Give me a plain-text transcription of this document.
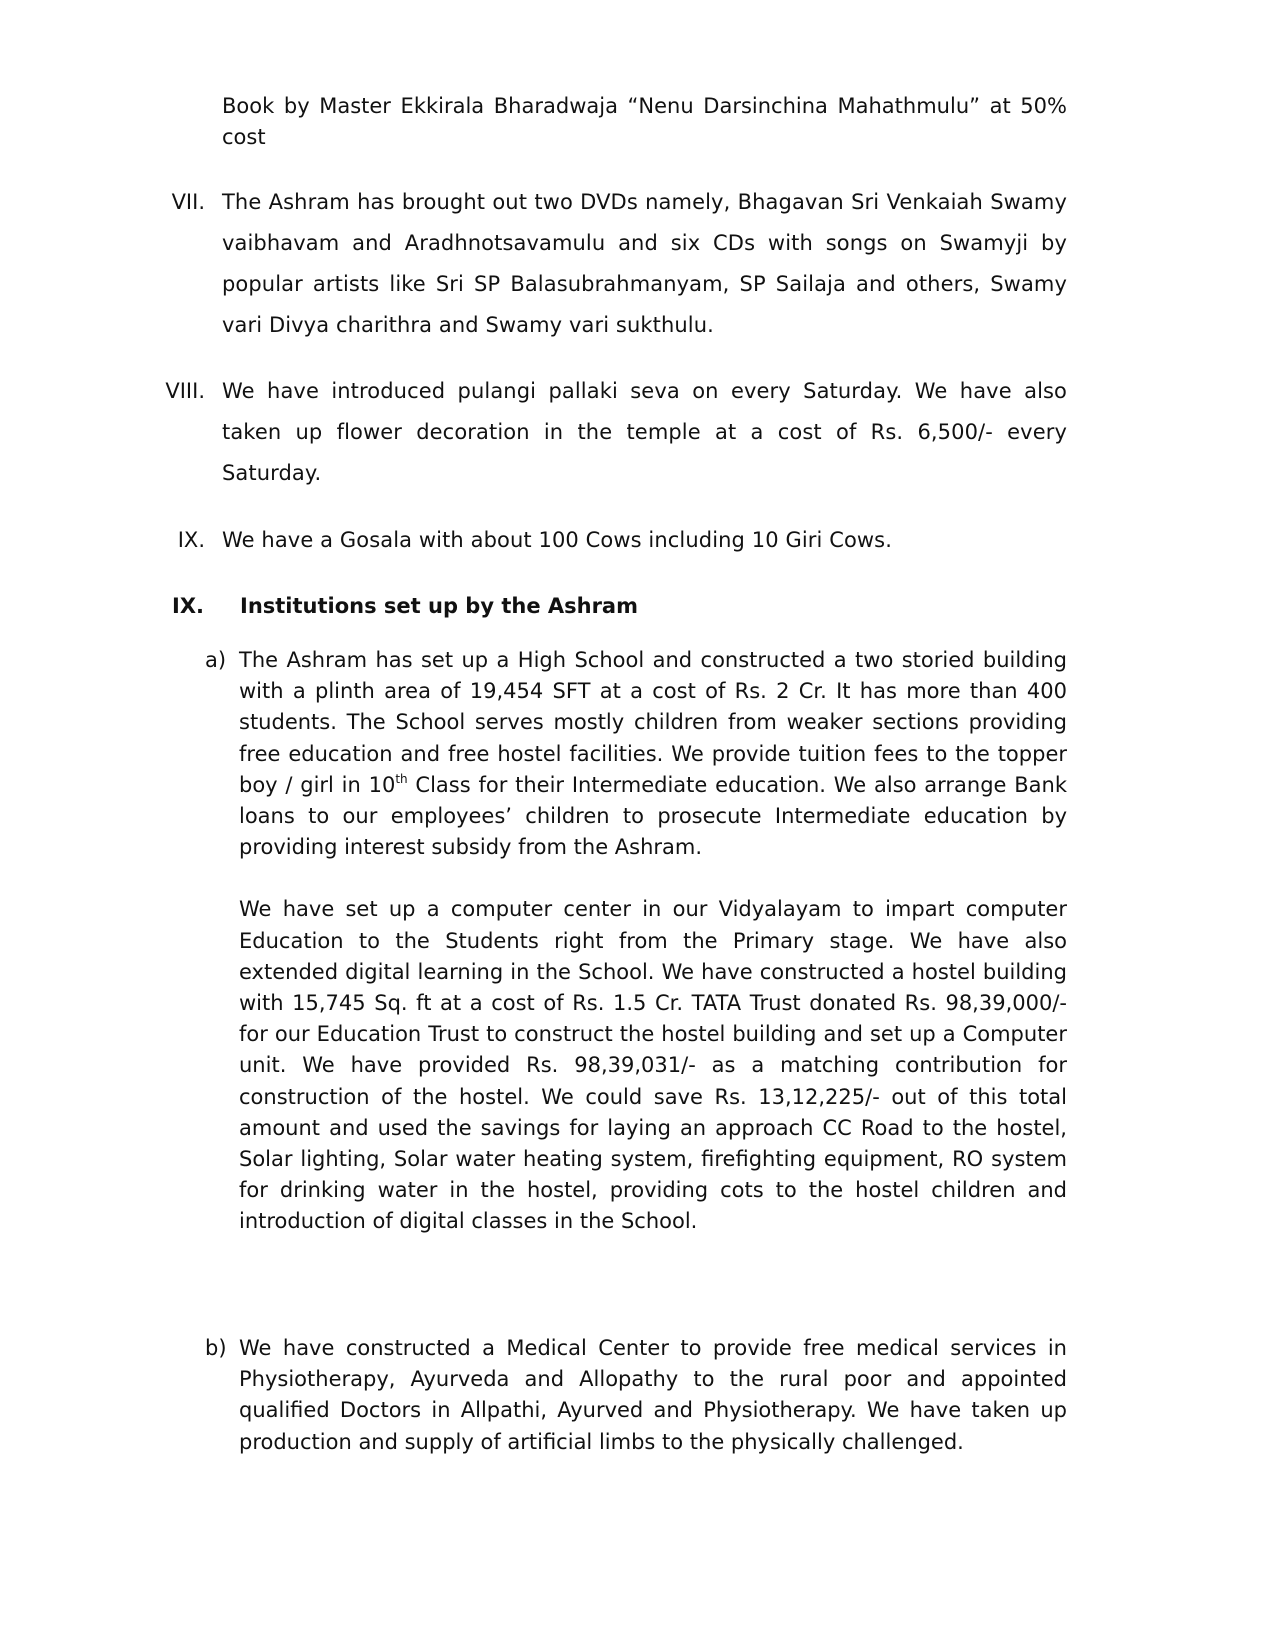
Book by Master Ekkirala Bharadwaja “Nenu Darsinchina Mahathmulu” at 50% cost
VII. The Ashram has brought out two DVDs namely, Bhagavan Sri Venkaiah Swamy vaibhavam and Aradhnotsavamulu and six CDs with songs on Swamyji by popular artists like Sri SP Balasubrahmanyam, SP Sailaja and others, Swamy vari Divya charithra and Swamy vari sukthulu.
VIII. We have introduced pulangi pallaki seva on every Saturday. We have also taken up flower decoration in the temple at a cost of Rs. 6,500/- every Saturday.
IX. We have a Gosala with about 100 Cows including 10 Giri Cows.
IX. Institutions set up by the Ashram
a) The Ashram has set up a High School and constructed a two storied building with a plinth area of 19,454 SFT at a cost of Rs. 2 Cr. It has more than 400 students. The School serves mostly children from weaker sections providing free education and free hostel facilities. We provide tuition fees to the topper boy / girl in 10th Class for their Intermediate education. We also arrange Bank loans to our employees’ children to prosecute Intermediate education by providing interest subsidy from the Ashram.

We have set up a computer center in our Vidyalayam to impart computer Education to the Students right from the Primary stage. We have also extended digital learning in the School. We have constructed a hostel building with 15,745 Sq. ft at a cost of Rs. 1.5 Cr. TATA Trust donated Rs. 98,39,000/- for our Education Trust to construct the hostel building and set up a Computer unit. We have provided Rs. 98,39,031/- as a matching contribution for construction of the hostel. We could save Rs. 13,12,225/- out of this total amount and used the savings for laying an approach CC Road to the hostel, Solar lighting, Solar water heating system, firefighting equipment, RO system for drinking water in the hostel, providing cots to the hostel children and introduction of digital classes in the School.

b) We have constructed a Medical Center to provide free medical services in Physiotherapy, Ayurveda and Allopathy to the rural poor and appointed qualified Doctors in Allpathi, Ayurved and Physiotherapy. We have taken up production and supply of artificial limbs to the physically challenged.
